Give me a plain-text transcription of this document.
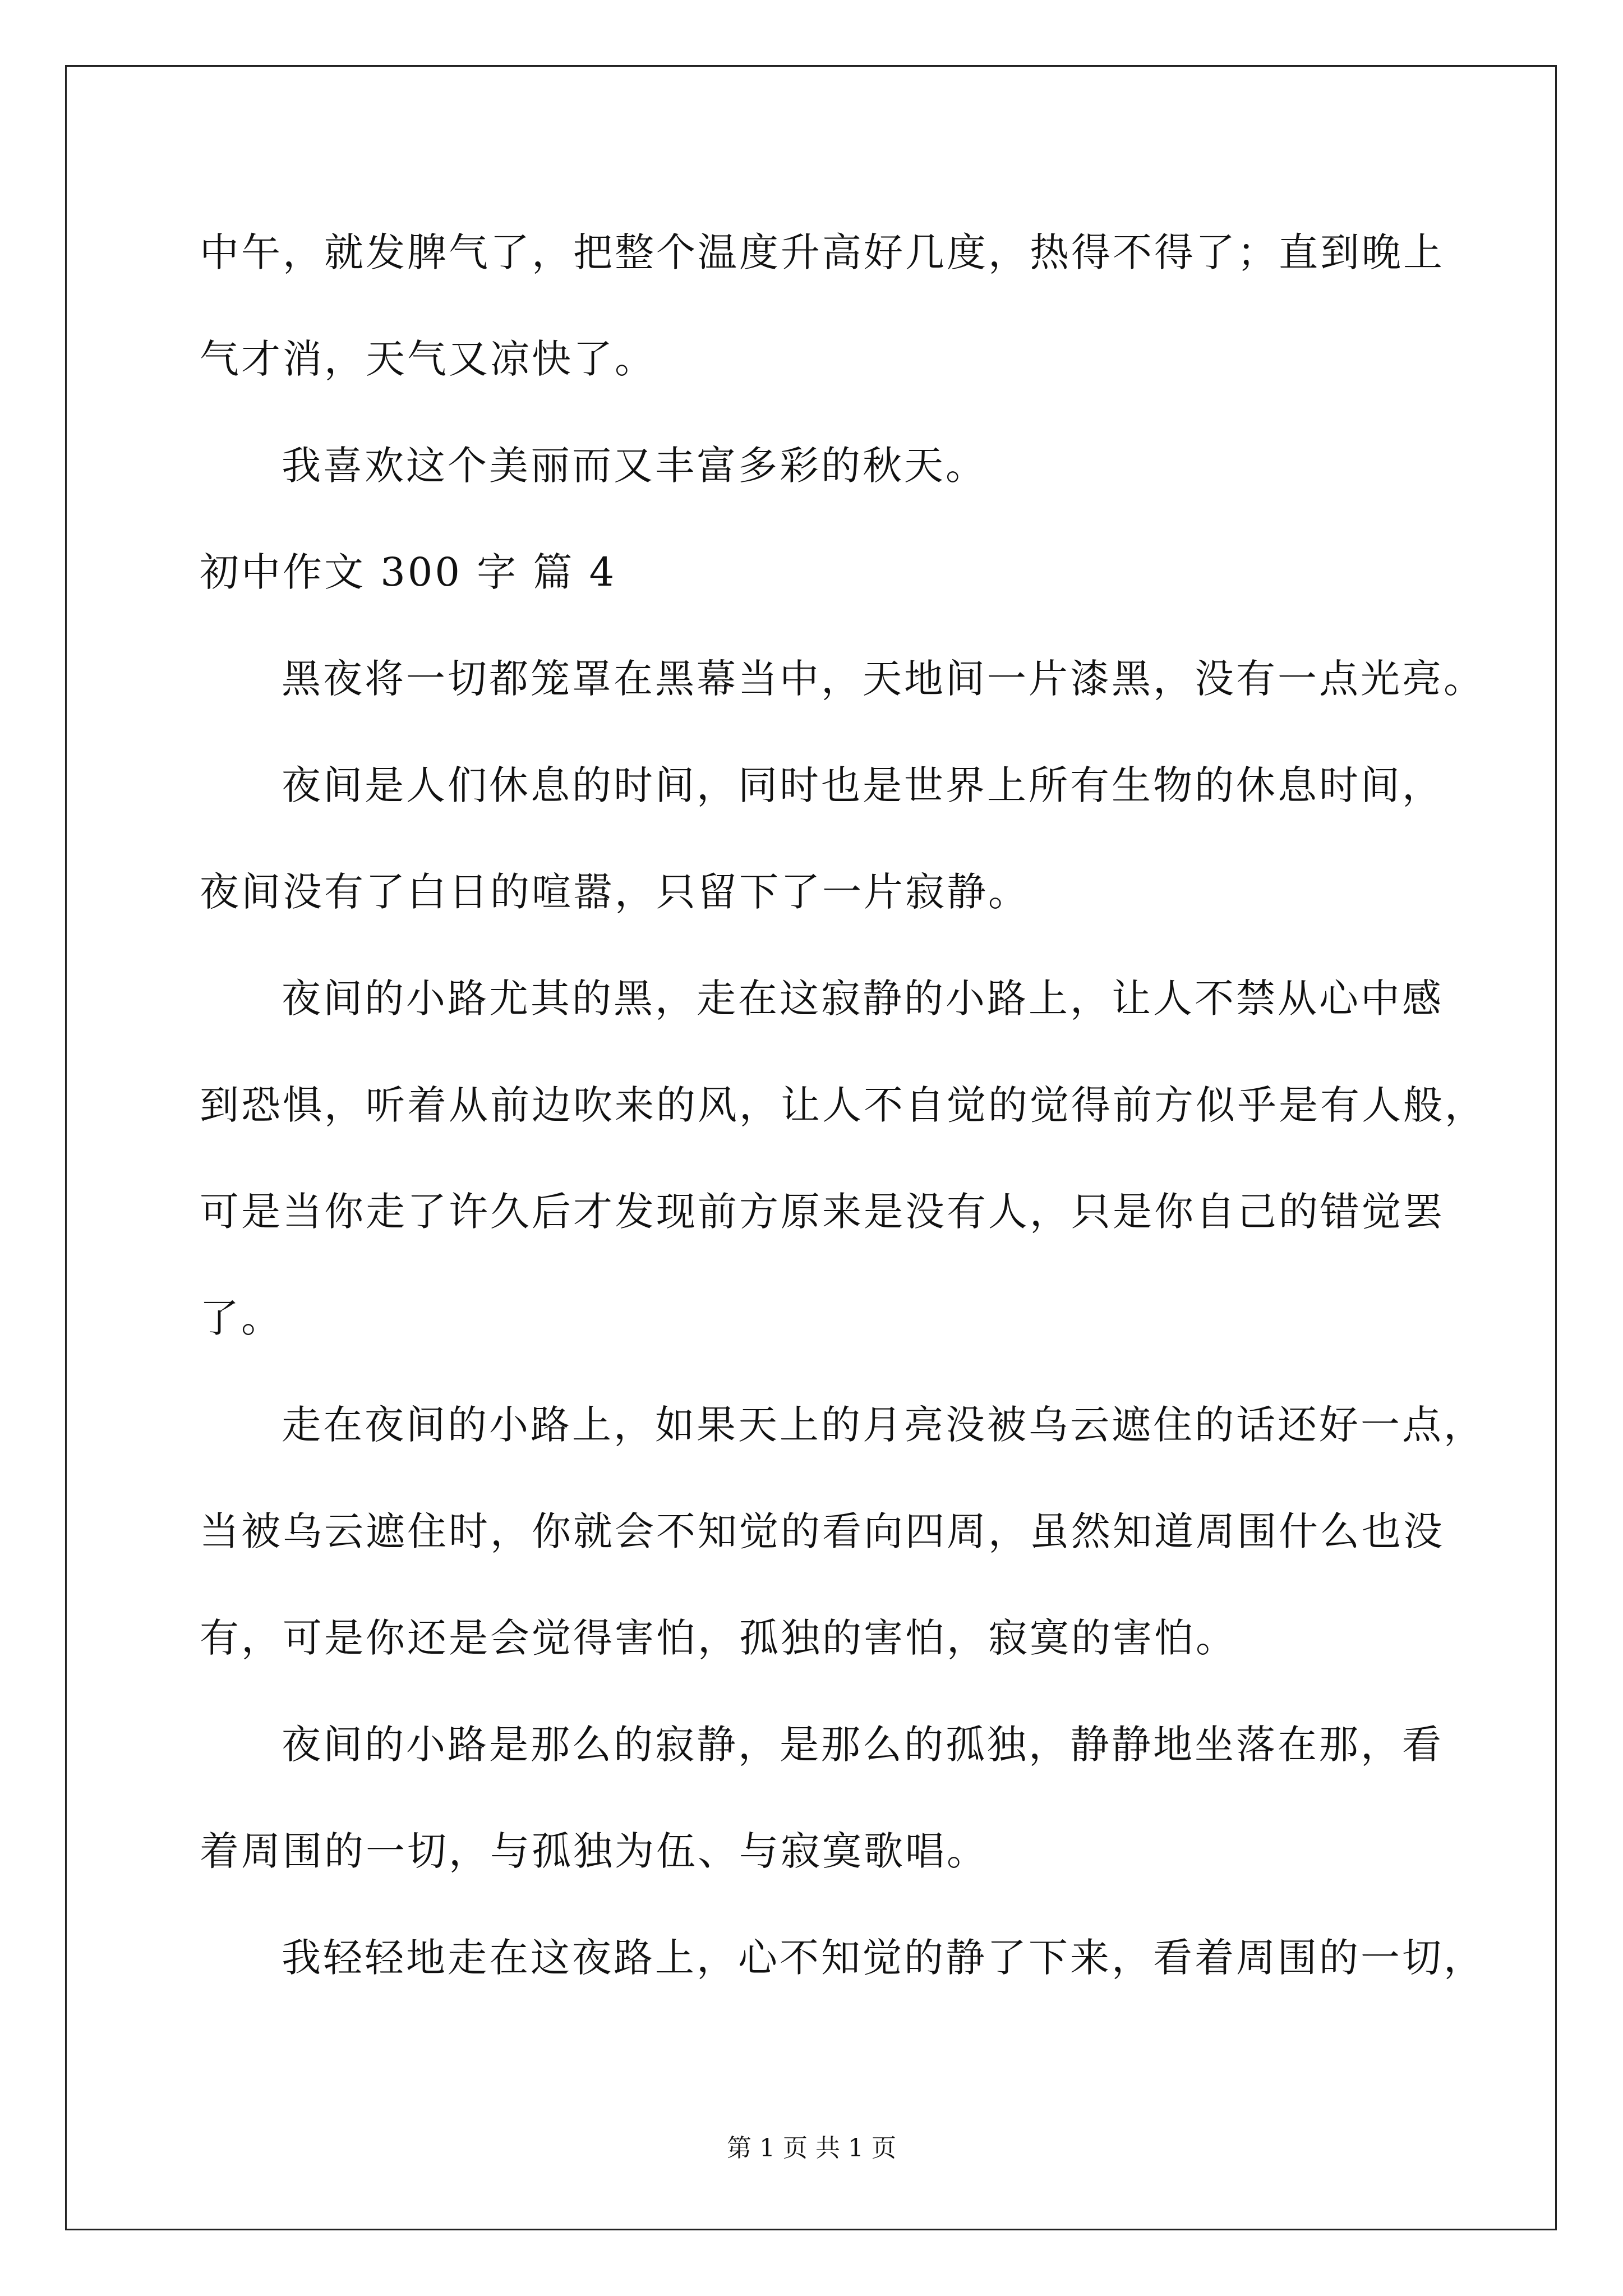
中午，就发脾气了，把整个温度升高好几度，热得不得了；直到晚上
气才消，天气又凉快了。
我喜欢这个美丽而又丰富多彩的秋天。
初中作文 300 字 篇 4
黑夜将一切都笼罩在黑幕当中，天地间一片漆黑，没有一点光亮。
夜间是人们休息的时间，同时也是世界上所有生物的休息时间，
夜间没有了白日的喧嚣，只留下了一片寂静。
夜间的小路尤其的黑，走在这寂静的小路上，让人不禁从心中感
到恐惧，听着从前边吹来的风，让人不自觉的觉得前方似乎是有人般，
可是当你走了许久后才发现前方原来是没有人，只是你自己的错觉罢
了。
走在夜间的小路上，如果天上的月亮没被乌云遮住的话还好一点，
当被乌云遮住时，你就会不知觉的看向四周，虽然知道周围什么也没
有，可是你还是会觉得害怕，孤独的害怕，寂寞的害怕。
夜间的小路是那么的寂静，是那么的孤独，静静地坐落在那，看
着周围的一切，与孤独为伍、与寂寞歌唱。
我轻轻地走在这夜路上，心不知觉的静了下来，看着周围的一切，
第 1 页 共 1 页
